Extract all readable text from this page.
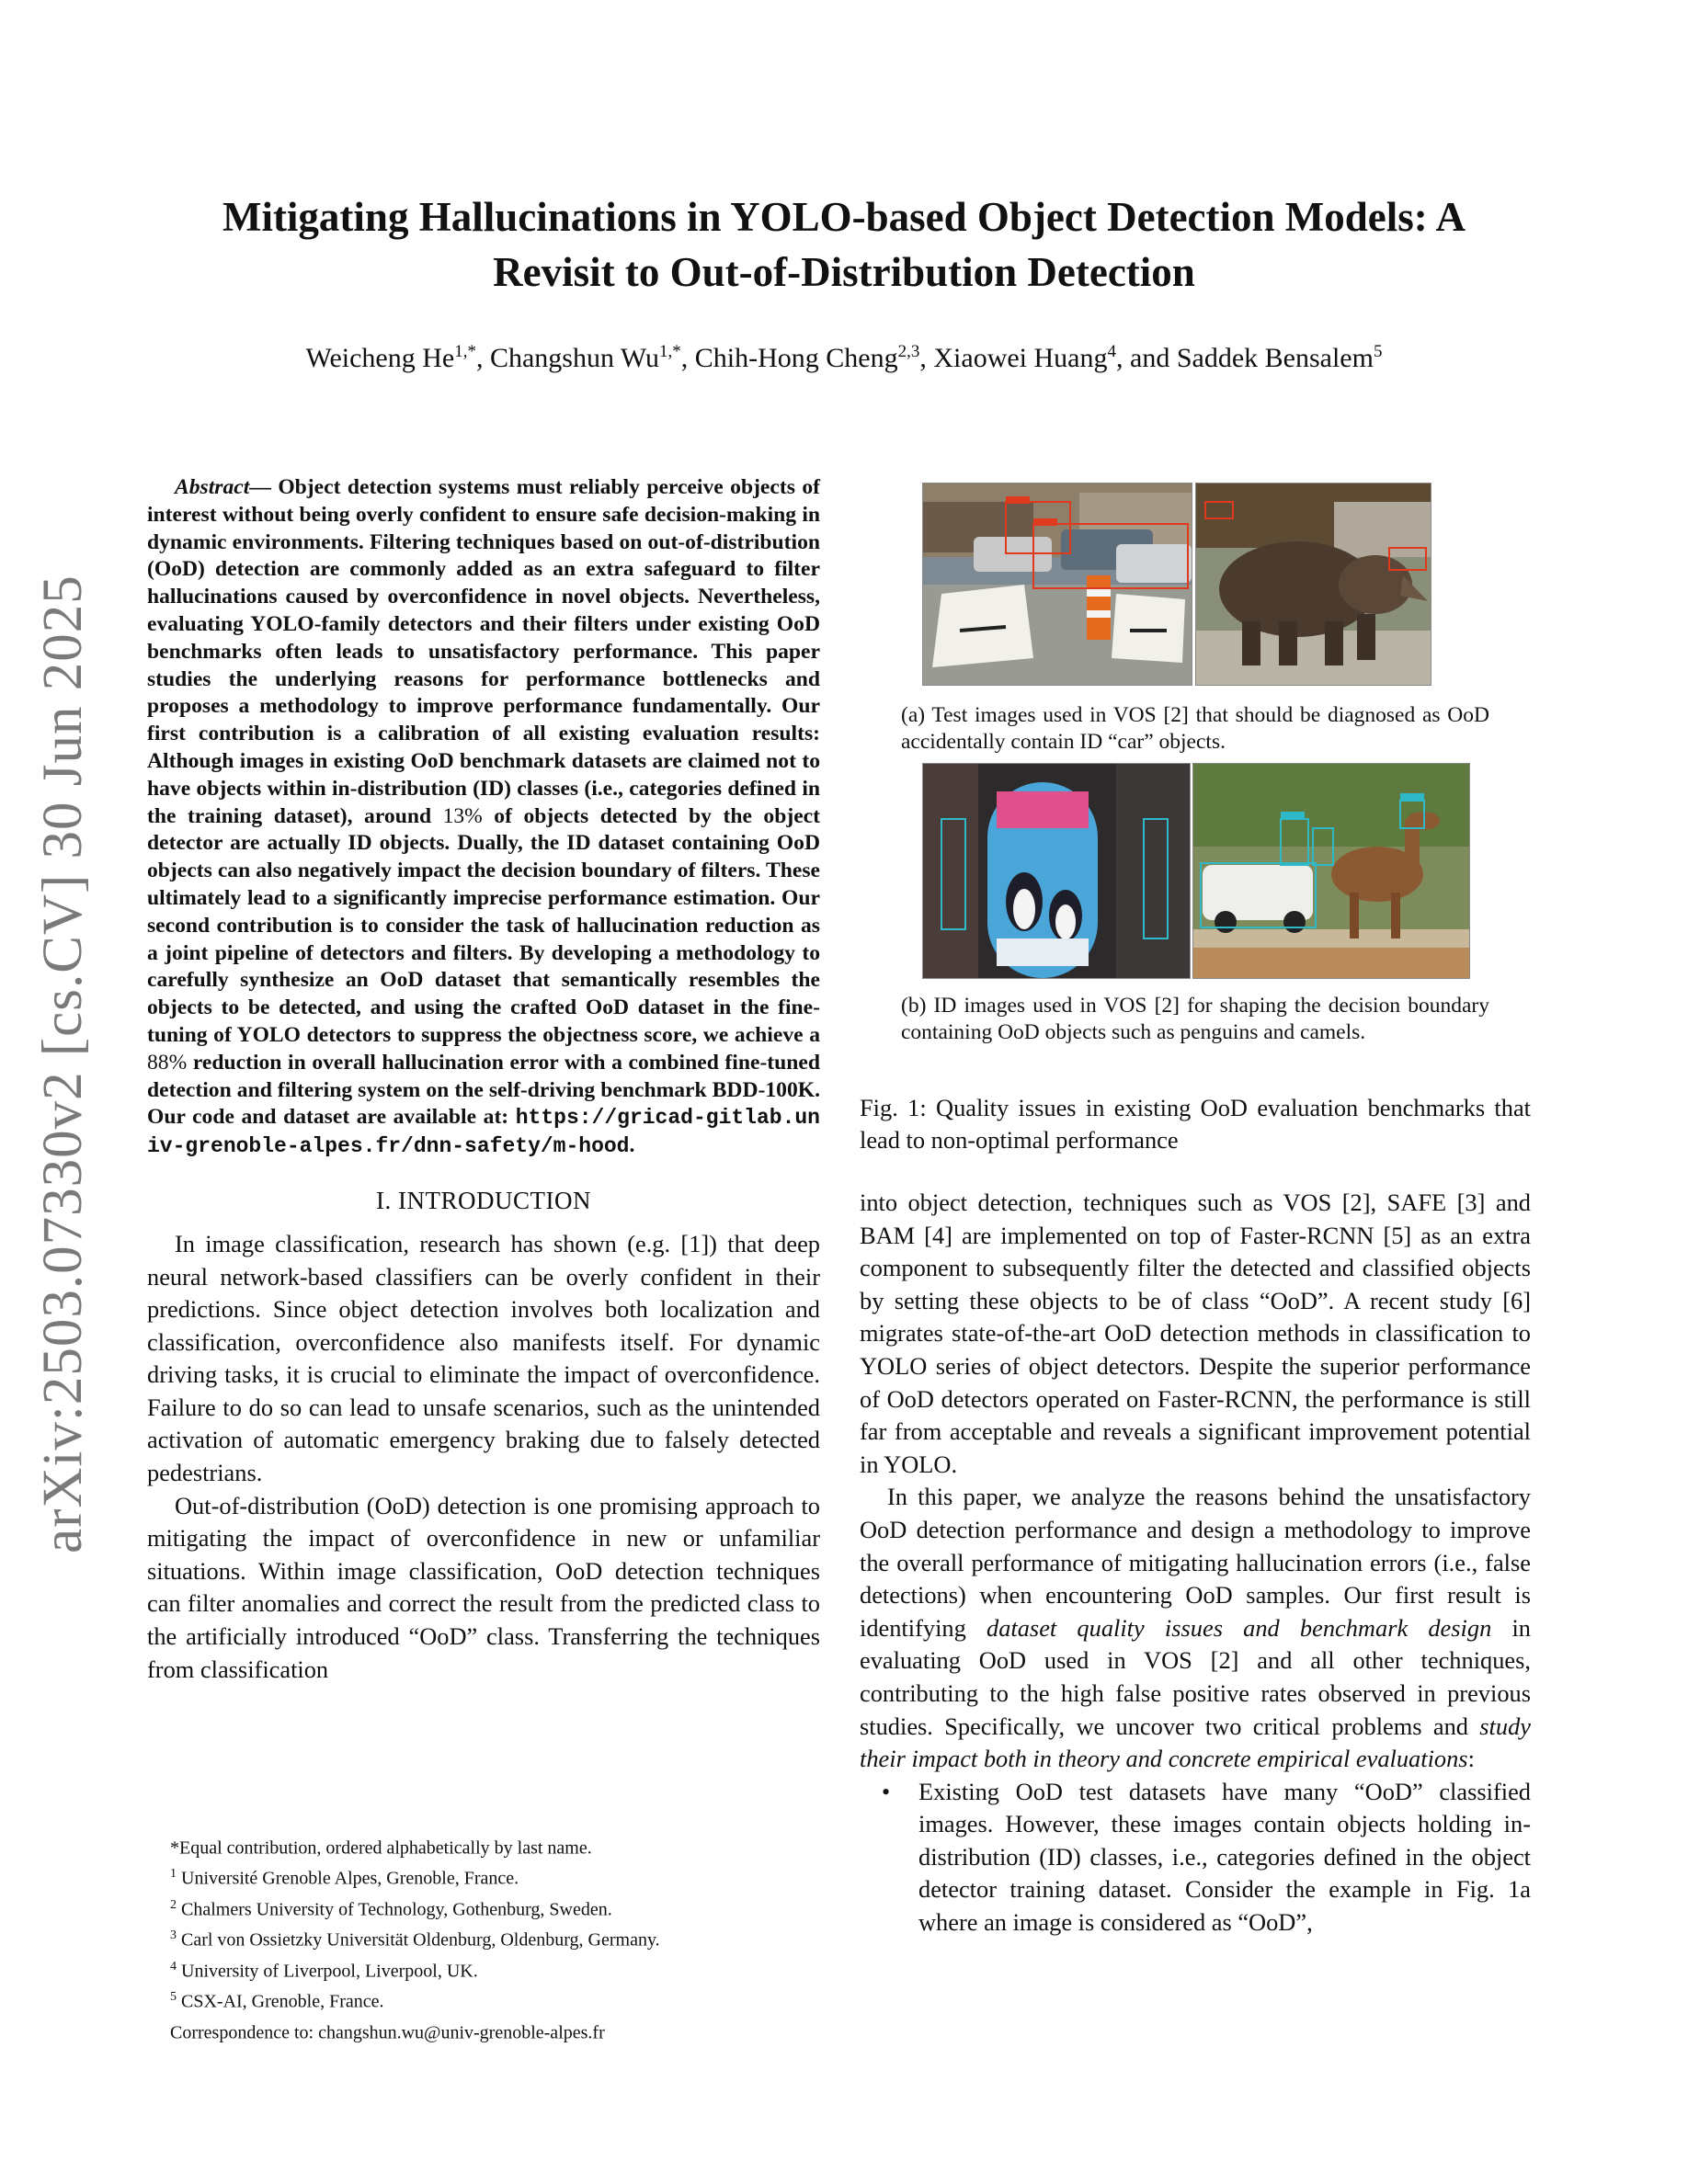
arXiv:2503.07330v2 [cs.CV] 30 Jun 2025
Mitigating Hallucinations in YOLO-based Object Detection Models: A
Revisit to Out-of-Distribution Detection
Weicheng $He^{1,*}$, Changshun $Wu^{1,*}$, Chih-Hong Cheng$^{2,3}$, Xiaowei Huang$^4$, and Saddek Bensalem$^5$

Abstract— Object detection systems must reliably perceive objects of interest without being overly confident to ensure safe decision-making in dynamic environments. Filtering techniques based on out-of-distribution (OoD) detection are commonly added as an extra safeguard to filter hallucinations caused by overconfidence in novel objects. Nevertheless, evaluating YOLO-family detectors and their filters under existing OoD benchmarks often leads to unsatisfactory performance. This paper studies the underlying reasons for performance bottlenecks and proposes a methodology to improve performance fundamentally. Our first contribution is a calibration of all existing evaluation results: Although images in existing OoD benchmark datasets are claimed not to have objects within in-distribution (ID) classes (i.e., categories defined in the training dataset), around 13% of objects detected by the object detector are actually ID objects. Dually, the ID dataset containing OoD objects can also negatively impact the decision boundary of filters. These ultimately lead to a significantly imprecise performance estimation. Our second contribution is to consider the task of hallucination reduction as a joint pipeline of detectors and filters. By developing a methodology to carefully synthesize an OoD dataset that semantically resembles the objects to be detected, and using the crafted OoD dataset in the fine-tuning of YOLO detectors to suppress the objectness score, we achieve a 88% reduction in overall hallucination error with a combined fine-tuned detection and filtering system on the self-driving benchmark BDD-100K. Our code and dataset are available at: https://gricad-gitlab.univ-grenoble-alpes.fr/dnn-safety/m-hood.

I. INTRODUCTION

In image classification, research has shown (e.g. [1]) that deep neural network-based classifiers can be overly confident in their predictions. Since object detection involves both localization and classification, overconfidence also manifests itself. For dynamic driving tasks, it is crucial to eliminate the impact of overconfidence. Failure to do so can lead to unsafe scenarios, such as the unintended activation of automatic emergency braking due to falsely detected pedestrians.

Out-of-distribution (OoD) detection is one promising approach to mitigating the impact of overconfidence in new or unfamiliar situations. Within image classification, OoD detection techniques can filter anomalies and correct the result from the predicted class to the artificially introduced “OoD” class. Transferring the techniques from classification

*Equal contribution, ordered alphabetically by last name.
$^1$ Université Grenoble Alpes, Grenoble, France.
$^2$ Chalmers University of Technology, Gothenburg, Sweden.
$^3$ Carl von Ossietzky Universität Oldenburg, Oldenburg, Germany.
$^4$ University of Liverpool, Liverpool, UK.
$^5$ CSX-AI, Grenoble, France.
Correspondence to: changshun.wu@univ-grenoble-alpes.fr
(a) Test images used in VOS [2] that should be diagnosed as OoD accidentally contain ID “car” objects.
(b) ID images used in VOS [2] for shaping the decision boundary containing OoD objects such as penguins and camels.
Fig. 1: Quality issues in existing OoD evaluation benchmarks that lead to non-optimal performance

into object detection, techniques such as VOS [2], SAFE [3] and BAM [4] are implemented on top of Faster-RCNN [5] as an extra component to subsequently filter the detected and classified objects by setting these objects to be of class “OoD”. A recent study [6] migrates state-of-the-art OoD detection methods in classification to YOLO series of object detectors. Despite the superior performance of OoD detectors operated on Faster-RCNN, the performance is still far from acceptable and reveals a significant improvement potential in YOLO.

In this paper, we analyze the reasons behind the unsatisfactory OoD detection performance and design a methodology to improve the overall performance of mitigating hallucination errors (i.e., false detections) when encountering OoD samples. Our first result is identifying dataset quality issues and benchmark design in evaluating OoD used in VOS [2] and all other techniques, contributing to the high false positive rates observed in previous studies. Specifically, we uncover two critical problems and study their impact both in theory and concrete empirical evaluations:

•	Existing OoD test datasets have many “OoD” classified images. However, these images contain objects holding in-distribution (ID) classes, i.e., categories defined in the object detector training dataset. Consider the example in Fig. 1a where an image is considered as “OoD”,
